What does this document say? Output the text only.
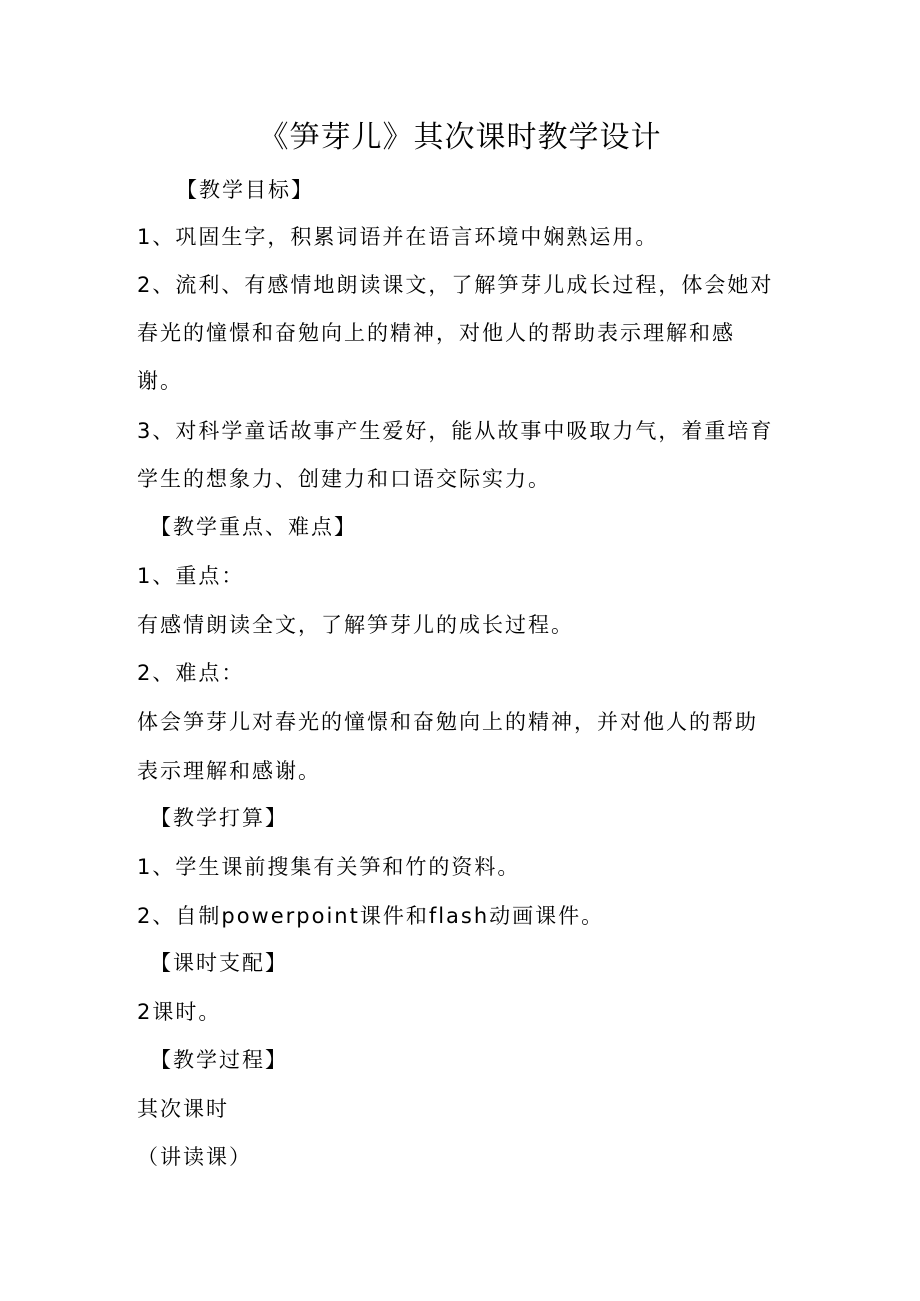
《笋芽儿》其次课时教学设计
【教学目标】
1、巩固生字，积累词语并在语言环境中娴熟运用。
2、流利、有感情地朗读课文，了解笋芽儿成长过程，体会她对
春光的憧憬和奋勉向上的精神，对他人的帮助表示理解和感
谢。
3、对科学童话故事产生爱好，能从故事中吸取力气，着重培育
学生的想象力、创建力和口语交际实力。
【教学重点、难点】
1、重点：
有感情朗读全文，了解笋芽儿的成长过程。
2、难点：
体会笋芽儿对春光的憧憬和奋勉向上的精神，并对他人的帮助
表示理解和感谢。
【教学打算】
1、学生课前搜集有关笋和竹的资料。
2、自制powerpoint课件和flash动画课件。
【课时支配】
2课时。
【教学过程】
其次课时
（讲读课）
